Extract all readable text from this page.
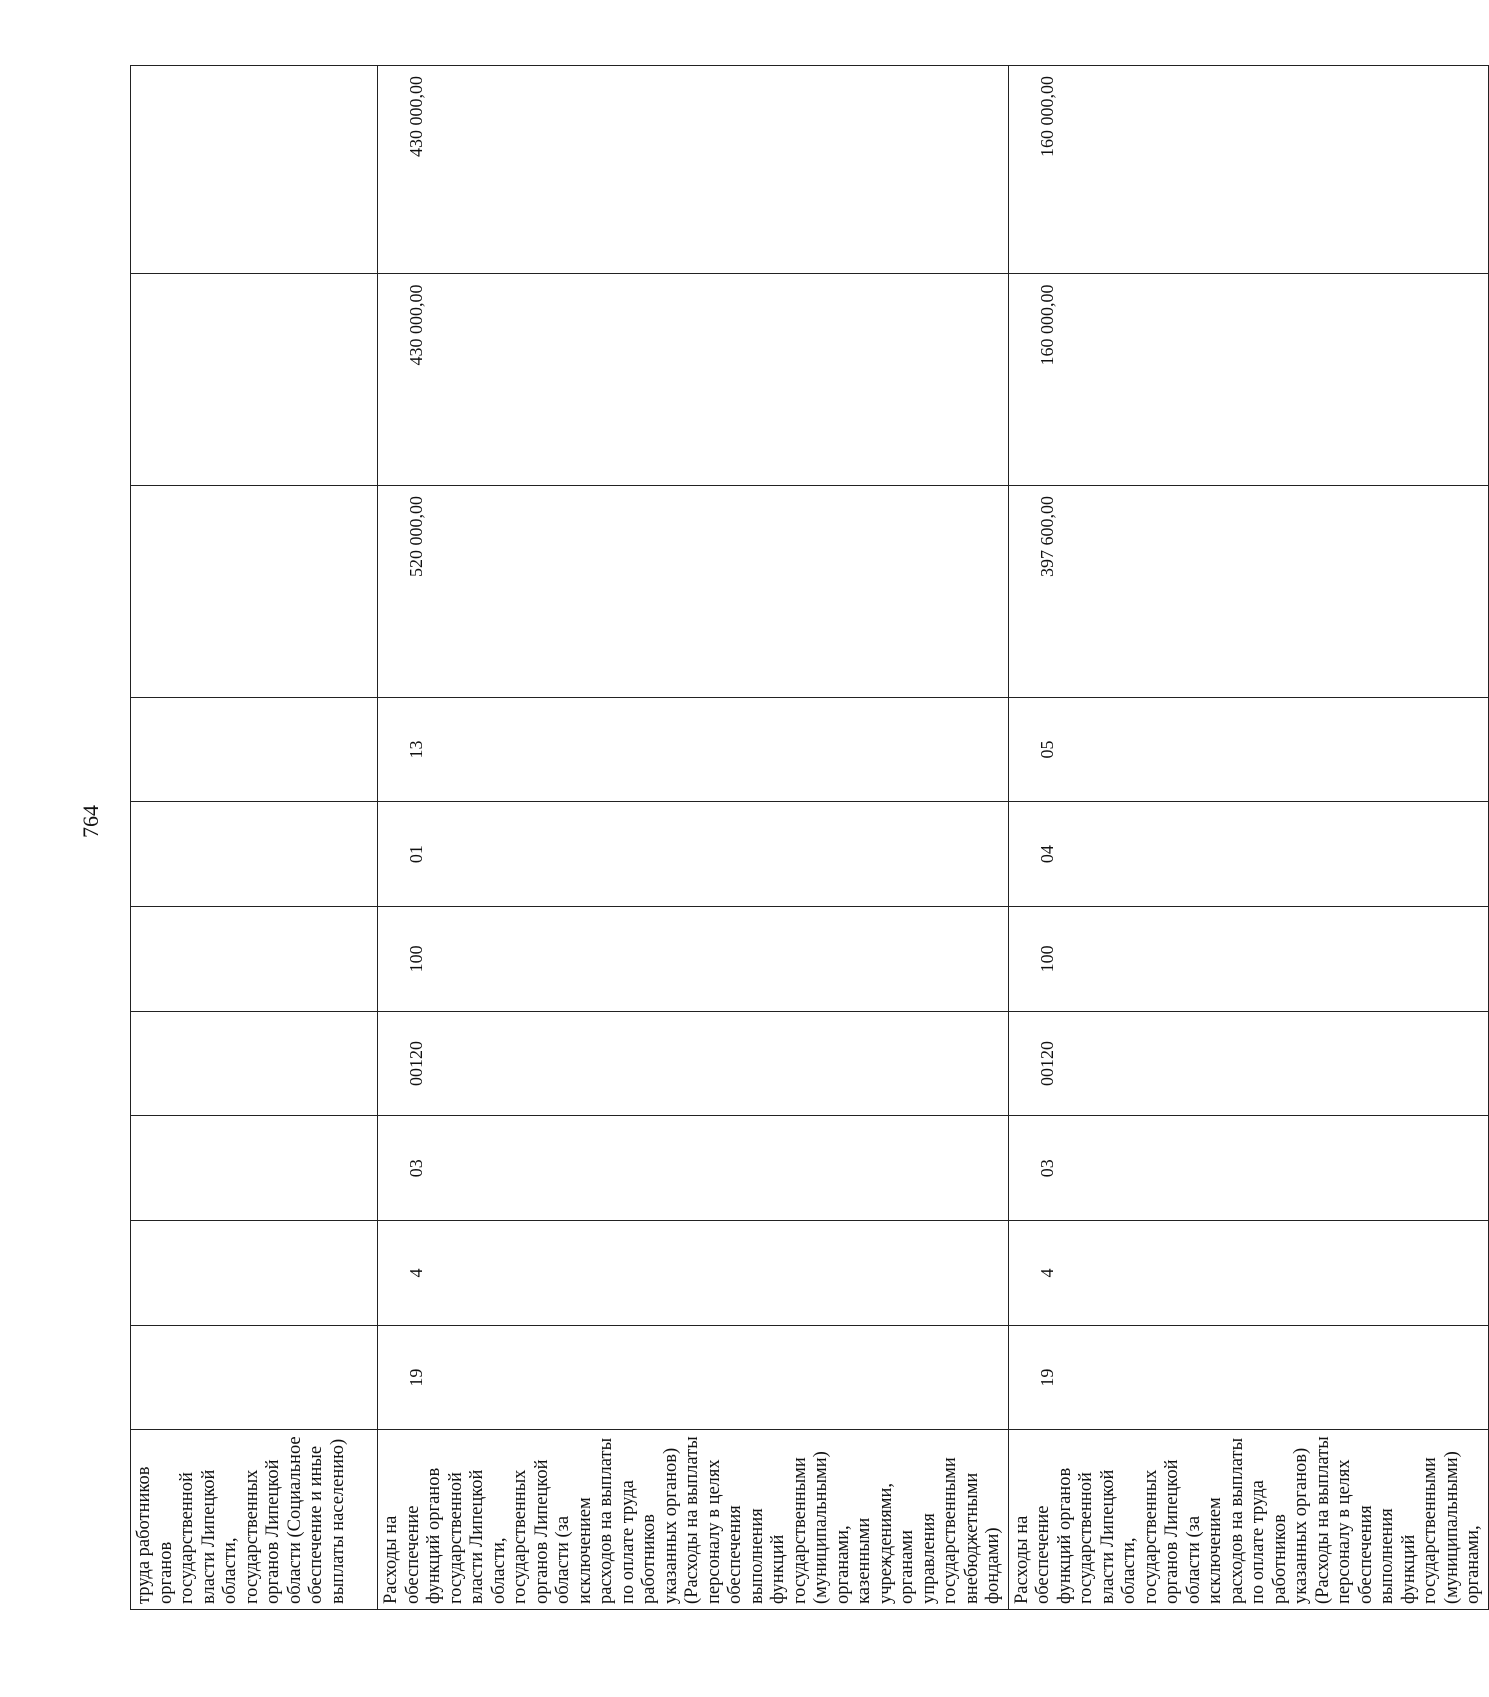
764
труда работников органов государственной власти Липецкой области, государственных органов Липецкой области (Социальное обеспечение и иные выплаты населению)										
Расходы на обеспечение функций органов государственной власти Липецкой области, государственных органов Липецкой области (за исключением расходов на выплаты по оплате труда работников указанных органов) (Расходы на выплаты персоналу в целях обеспечения выполнения функций государственными (муниципальными) органами, казенными учреждениями, органами управления государственными внебюджетными фондами)	19	4	03	00120	100	01	13	520 000,00	430 000,00	430 000,00
Расходы на обеспечение функций органов государственной власти Липецкой области, государственных органов Липецкой области (за исключением расходов на выплаты по оплате труда работников указанных органов) (Расходы на выплаты персоналу в целях обеспечения выполнения функций государственными (муниципальными) органами,	19	4	03	00120	100	04	05	397 600,00	160 000,00	160 000,00
